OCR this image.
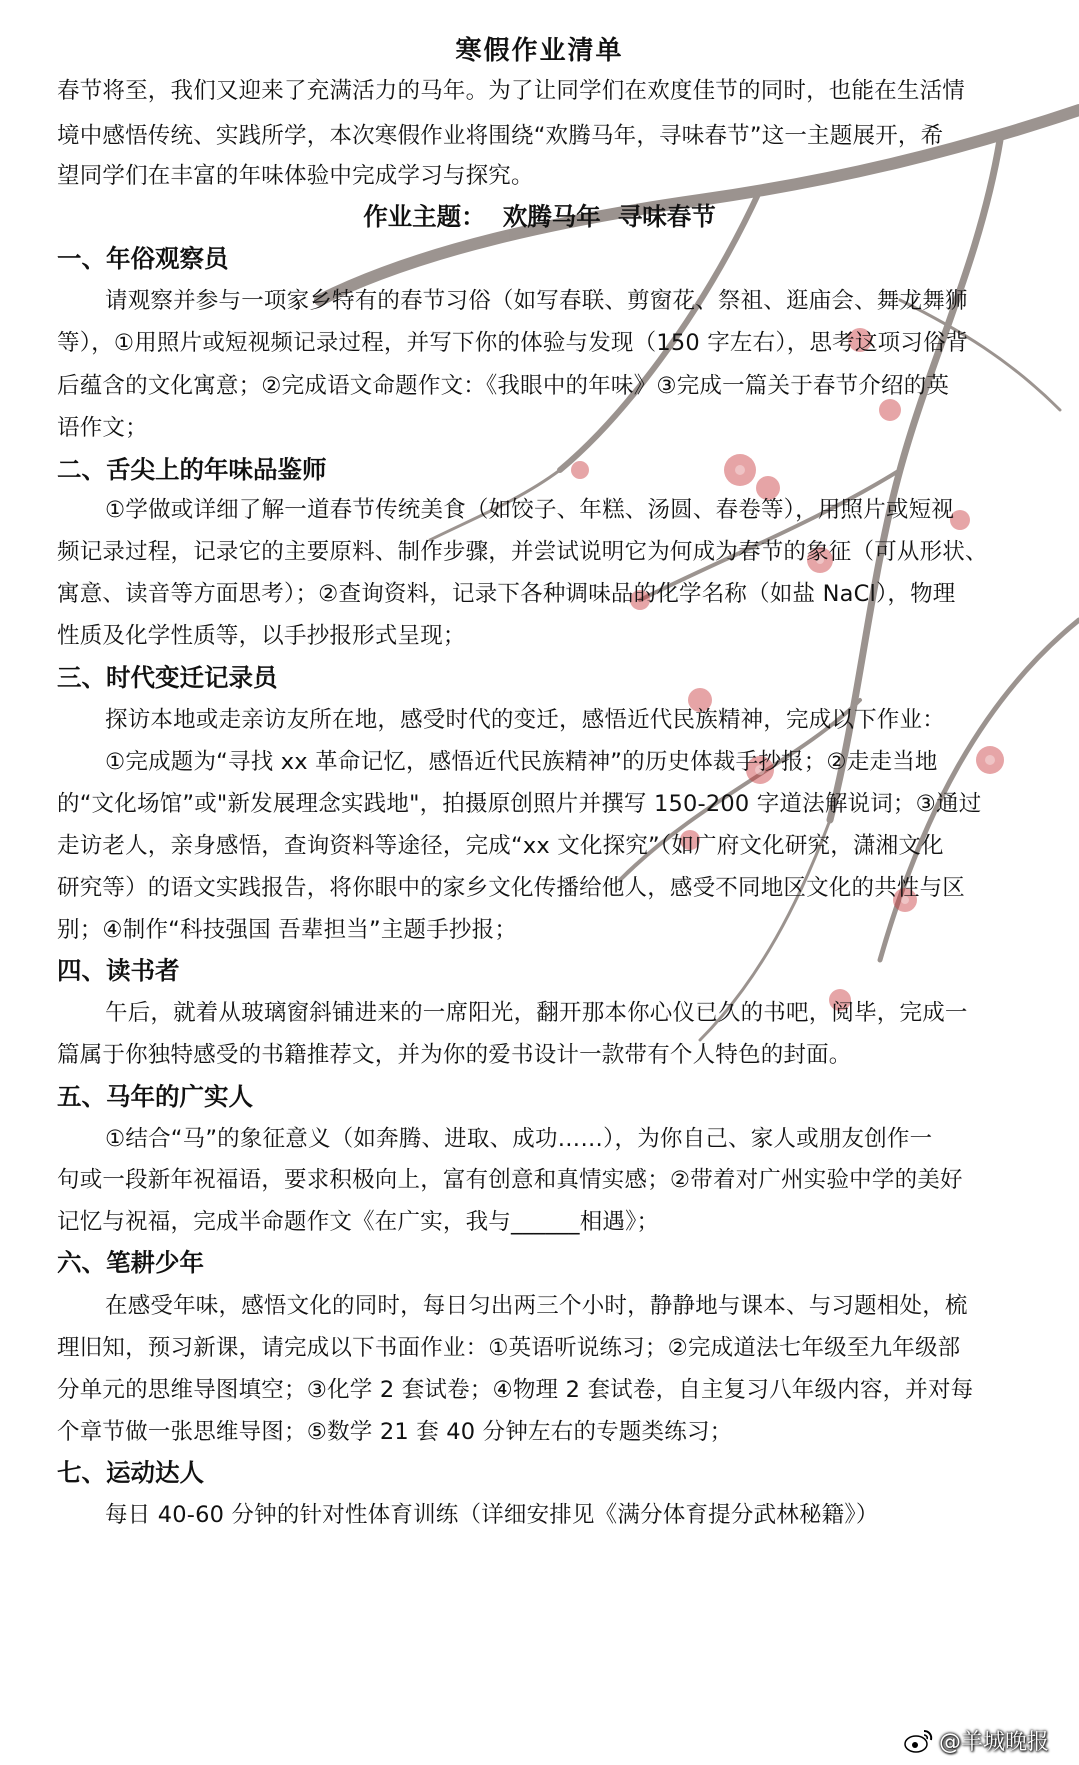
寒假作业清单
春节将至，我们又迎来了充满活力的马年。为了让同学们在欢度佳节的同时，也能在生活情
境中感悟传统、实践所学，本次寒假作业将围绕“欢腾马年，寻味春节”这一主题展开，希
望同学们在丰富的年味体验中完成学习与探究。
作业主题：  欢腾马年  寻味春节
一、年俗观察员
请观察并参与一项家乡特有的春节习俗（如写春联、剪窗花、祭祖、逛庙会、舞龙舞狮
等），①用照片或短视频记录过程，并写下你的体验与发现（150 字左右），思考这项习俗背
后蕴含的文化寓意；②完成语文命题作文：《我眼中的年味》③完成一篇关于春节介绍的英
语作文；
二、舌尖上的年味品鉴师
①学做或详细了解一道春节传统美食（如饺子、年糕、汤圆、春卷等），用照片或短视
频记录过程，记录它的主要原料、制作步骤，并尝试说明它为何成为春节的象征（可从形状、
寓意、读音等方面思考）；②查询资料，记录下各种调味品的化学名称（如盐 NaCl），物理
性质及化学性质等，以手抄报形式呈现；
三、时代变迁记录员
探访本地或走亲访友所在地，感受时代的变迁，感悟近代民族精神，完成以下作业：
①完成题为“寻找 xx 革命记忆，感悟近代民族精神”的历史体裁手抄报；②走走当地
的“文化场馆”或"新发展理念实践地"，拍摄原创照片并撰写 150-200 字道法解说词；③通过
走访老人，亲身感悟，查询资料等途径，完成“xx 文化探究”（如广府文化研究，潇湘文化
研究等）的语文实践报告，将你眼中的家乡文化传播给他人，感受不同地区文化的共性与区
别；④制作“科技强国 吾辈担当”主题手抄报；
四、读书者
午后，就着从玻璃窗斜铺进来的一席阳光，翻开那本你心仪已久的书吧，阅毕，完成一
篇属于你独特感受的书籍推荐文，并为你的爱书设计一款带有个人特色的封面。
五、马年的广实人
①结合“马”的象征意义（如奔腾、进取、成功……），为你自己、家人或朋友创作一
句或一段新年祝福语，要求积极向上，富有创意和真情实感；②带着对广州实验中学的美好
记忆与祝福，完成半命题作文《在广实，我与______相遇》；
六、笔耕少年
在感受年味，感悟文化的同时，每日匀出两三个小时，静静地与课本、与习题相处，梳
理旧知，预习新课，请完成以下书面作业：①英语听说练习；②完成道法七年级至九年级部
分单元的思维导图填空；③化学 2 套试卷；④物理 2 套试卷，自主复习八年级内容，并对每
个章节做一张思维导图；⑤数学 21 套 40 分钟左右的专题类练习；
七、运动达人
每日 40-60 分钟的针对性体育训练（详细安排见《满分体育提分武林秘籍》）
@羊城晚报
